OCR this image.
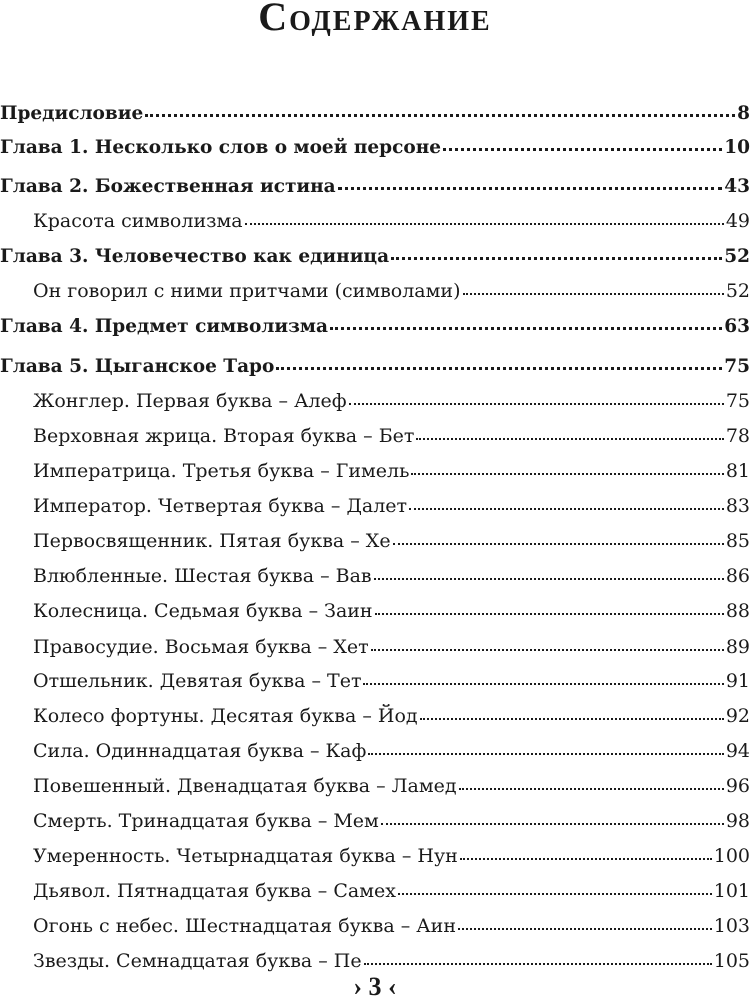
Содержание
Предисловие	8
Глава 1. Несколько слов о моей персоне	10
Глава 2. Божественная истина	43
Красота символизма	49
Глава 3. Человечество как единица	52
Он говорил с ними притчами (символами)	52
Глава 4. Предмет символизма	63
Глава 5. Цыганское Таро	75
Жонглер. Первая буква – Алеф	75
Верховная жрица. Вторая буква – Бет	78
Императрица. Третья буква – Гимель	81
Император. Четвертая буква – Далет	83
Первосвященник. Пятая буква – Хе	85
Влюбленные. Шестая буква – Вав	86
Колесница. Седьмая буква – Заин	88
Правосудие. Восьмая буква – Хет	89
Отшельник. Девятая буква – Тет	91
Колесо фортуны. Десятая буква – Йод	92
Сила. Одиннадцатая буква – Каф	94
Повешенный. Двенадцатая буква – Ламед	96
Смерть. Тринадцатая буква – Мем	98
Умеренность. Четырнадцатая буква – Нун	100
Дьявол. Пятнадцатая буква – Самех	101
Огонь с небес. Шестнадцатая буква – Аин	103
Звезды. Семнадцатая буква – Пе	105
› 3 ‹
